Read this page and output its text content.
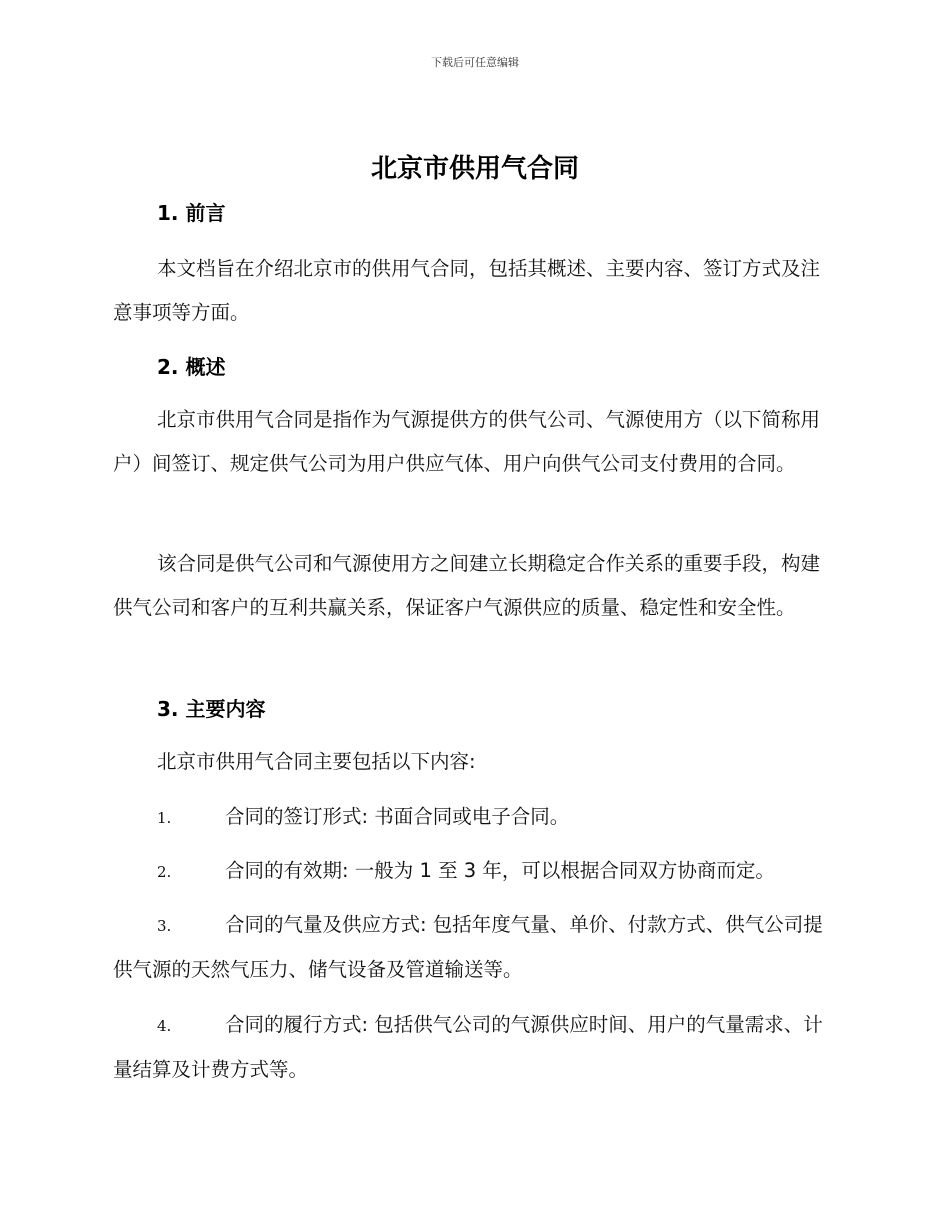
下载后可任意编辑
北京市供用气合同
1. 前言

本文档旨在介绍北京市的供用气合同，包括其概述、主要内容、签订方式及注意事项等方面。

2. 概述

北京市供用气合同是指作为气源提供方的供气公司、气源使用方（以下简称用户）间签订、规定供气公司为用户供应气体、用户向供气公司支付费用的合同。

该合同是供气公司和气源使用方之间建立长期稳定合作关系的重要手段，构建供气公司和客户的互利共赢关系，保证客户气源供应的质量、稳定性和安全性。

3. 主要内容

北京市供用气合同主要包括以下内容:

1.	合同的签订形式: 书面合同或电子合同。
2.	合同的有效期: 一般为 1 至 3 年，可以根据合同双方协商而定。
3.	合同的气量及供应方式: 包括年度气量、单价、付款方式、供气公司提供气源的天然气压力、储气设备及管道输送等。
4.	合同的履行方式: 包括供气公司的气源供应时间、用户的气量需求、计量结算及计费方式等。
